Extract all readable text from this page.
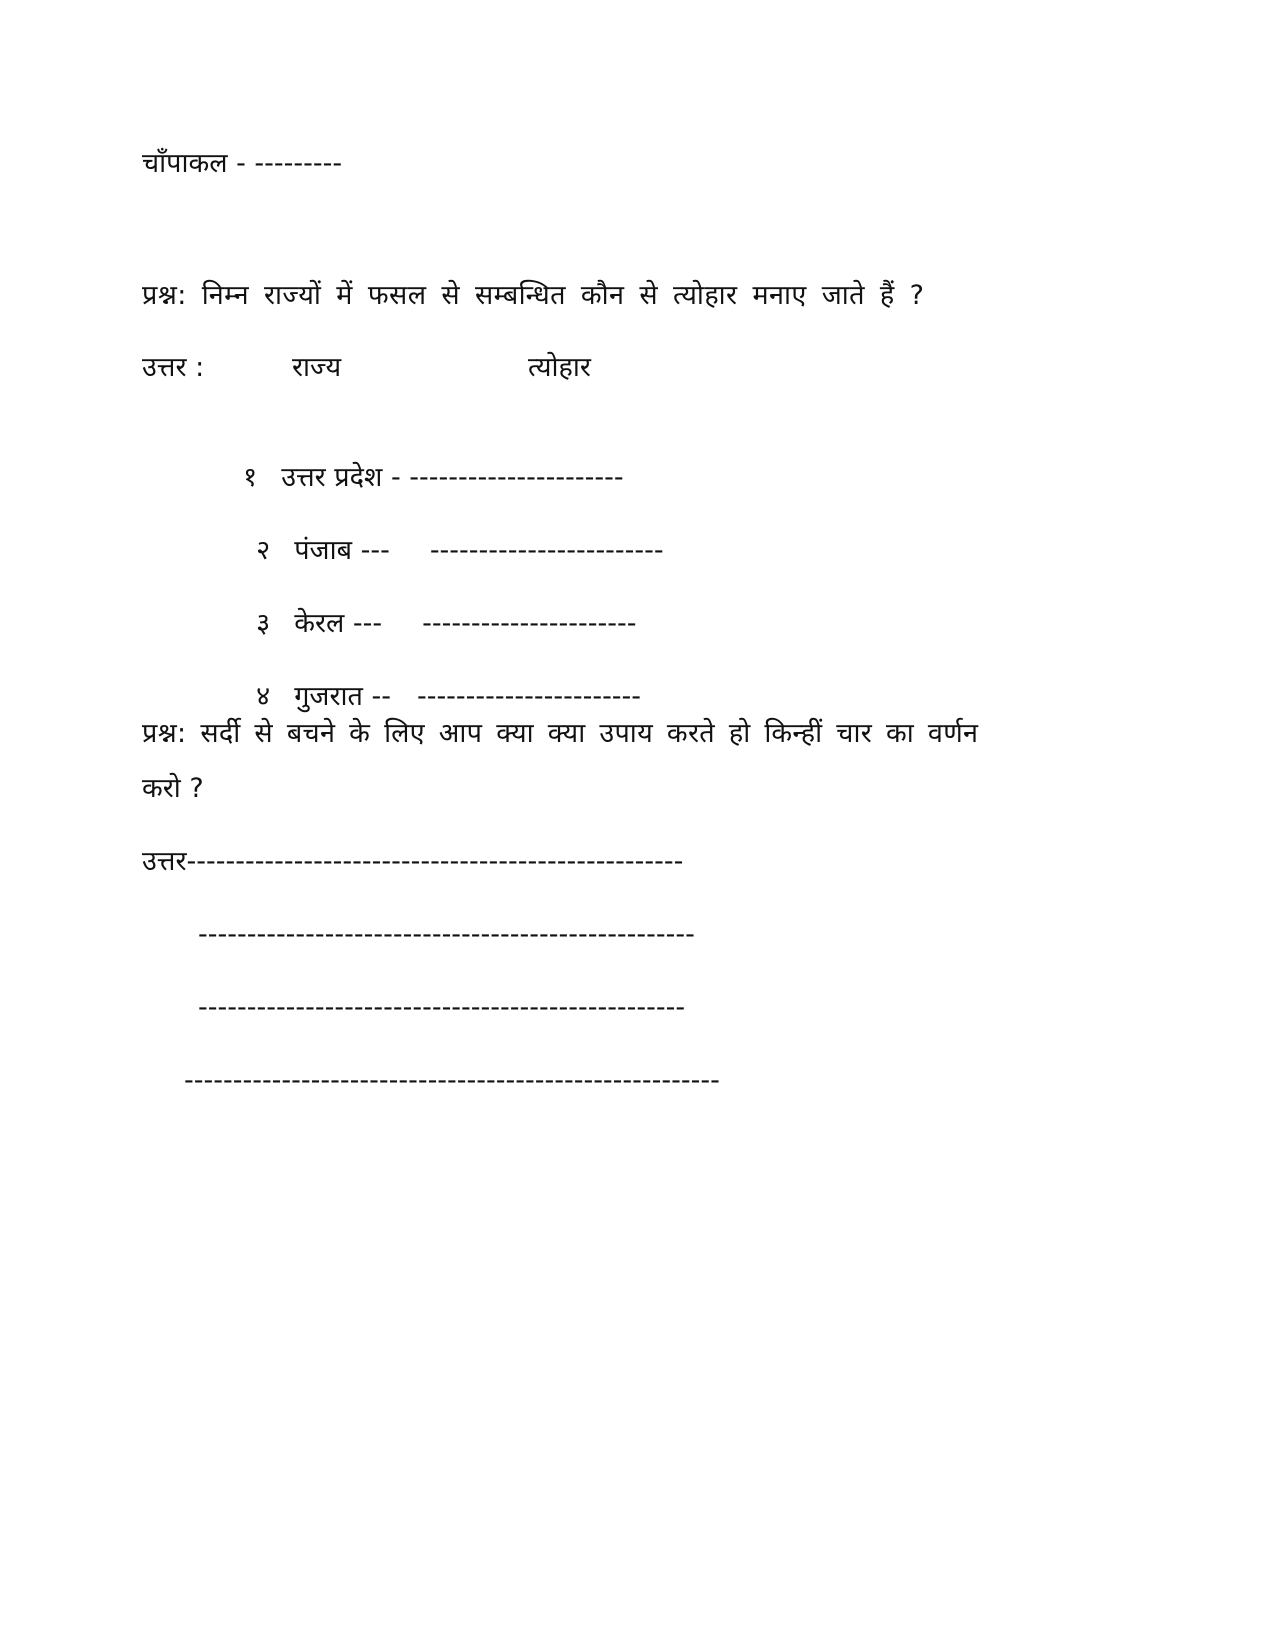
चाँपाकल - ---------
प्रश्न: निम्न राज्यों में फसल से सम्बन्धित कौन से त्योहार मनाए जाते हैं ?
उत्तर :	राज्य	त्योहार

१ उत्तर प्रदेश - ----------------------

२ पंजाब --- ------------------------

३ केरल --- ----------------------

४ गुजरात -- -----------------------

प्रश्न: सर्दी से बचने के लिए आप क्या क्या उपाय करते हो किन्हीं चार का वर्णन
करो ?
उत्तर---------------------------------------------------
---------------------------------------------------
--------------------------------------------------
-------------------------------------------------------
